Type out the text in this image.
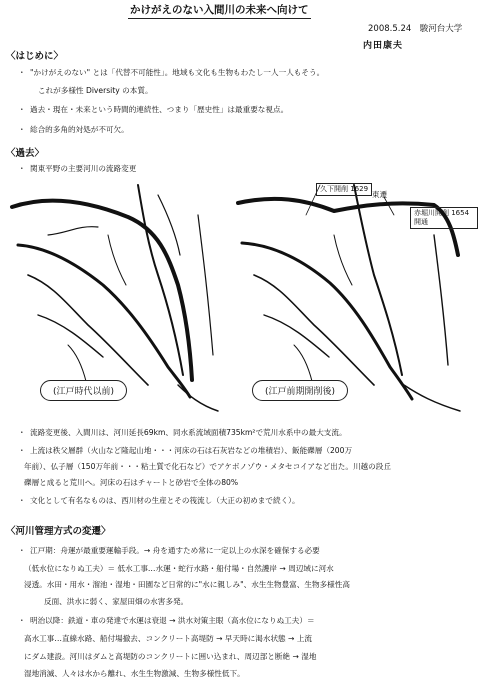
かけがえのない入間川の未来へ向けて
2008.5.24　駿河台大学
内田康夫
〈はじめに〉
・ "かけがえのない" とは「代替不可能性」。地域も文化も生物もわたし一人一人もそう。
これが多様性 Diversity の本質。
・ 過去・現在・未来という時間的連続性、つまり「歴史性」は最重要な視点。
・ 総合的多角的対処が不可欠。
〈過去〉
・ 関東平野の主要河川の流路変更
(江戸時代以前)	(江戸前期開削後)
久下開削 1629
東遷
赤堀川開削 1654 開通
・ 流路変更後、入間川は、河川延長69km、同水系流域面積735km²で荒川水系中の最大支流。
・ 上流は秩父層群（火山など隆起山地・・・河床の石は石灰岩などの堆積岩）、飯能礫層（200万
年前）、仏子層（150万年前・・・粘土質で化石など）でアケボノゾウ・メタセコイアなど出た。川越の段丘
礫層と成ると荒川へ。河床の石はチャートと砂岩で全体の80%
・ 文化として有名なものは、西川材の生産とその筏流し（大正の初めまで続く）。
〈河川管理方式の変遷〉
・ 江戸期：舟運が最重要運輸手段。→ 舟を通すため常に一定以上の水深を確保する必要
（低水位になりぬ工夫）＝ 低水工事…水運・蛇行水路・船付場・自然護岸 → 周辺域に河水
浸透。水田・用水・溜池・湿地・田園など日常的に"水に親しみ"、水生生物豊富、生物多様性高
反面、洪水に弱く、家屋田畑の水害多発。
・ 明治以降：鉄道・車の発達で水運は衰退 → 洪水対策主眼（高水位になりぬ工夫）＝
高水工事…直線水路、船付場撤去、コンクリート高堤防 → 早天時に渇水状態 → 上流
にダム建設。河川はダムと高堤防のコンクリートに囲い込まれ、周辺部と断絶 → 湿地
湿地消滅、人々は水から離れ、水生生物激減、生物多様性低下。
